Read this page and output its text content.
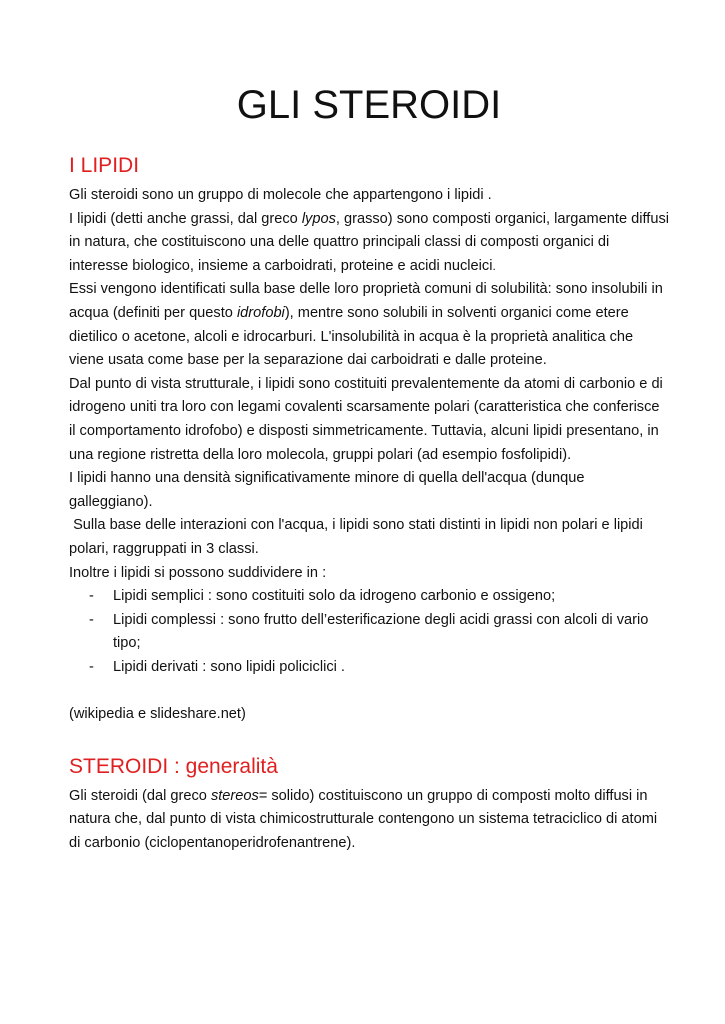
GLI STEROIDI
I LIPIDI

Gli steroidi sono un gruppo di molecole che appartengono i lipidi .

I lipidi (detti anche grassi, dal greco lypos, grasso) sono composti organici, largamente diffusi in natura, che costituiscono una delle quattro principali classi di composti organici di interesse biologico, insieme a carboidrati, proteine e acidi nucleici.

Essi vengono identificati sulla base delle loro proprietà comuni di solubilità: sono insolubili in acqua (definiti per questo idrofobi), mentre sono solubili in solventi organici come etere dietilico o acetone, alcoli e idrocarburi. L'insolubilità in acqua è la proprietà analitica che viene usata come base per la separazione dai carboidrati e dalle proteine.

Dal punto di vista strutturale, i lipidi sono costituiti prevalentemente da atomi di carbonio e di idrogeno uniti tra loro con legami covalenti scarsamente polari (caratteristica che conferisce il comportamento idrofobo) e disposti simmetricamente. Tuttavia, alcuni lipidi presentano, in una regione ristretta della loro molecola, gruppi polari (ad esempio fosfolipidi).

I lipidi hanno una densità significativamente minore di quella dell'acqua (dunque galleggiano).

Sulla base delle interazioni con l'acqua, i lipidi sono stati distinti in lipidi non polari e lipidi polari, raggruppati in 3 classi.

Inoltre i lipidi si possono suddividere in :

- Lipidi semplici : sono costituiti solo da idrogeno carbonio e ossigeno;
- Lipidi complessi : sono frutto dell’esterificazione degli acidi grassi con alcoli di vario tipo;
- Lipidi derivati : sono lipidi policiclici .

(wikipedia e slideshare.net)

STEROIDI : generalità

Gli steroidi (dal greco stereos= solido) costituiscono un gruppo di composti molto diffusi in natura che, dal punto di vista chimicostrutturale contengono un sistema tetraciclico di atomi di carbonio (ciclopentanoperidrofenantrene).
